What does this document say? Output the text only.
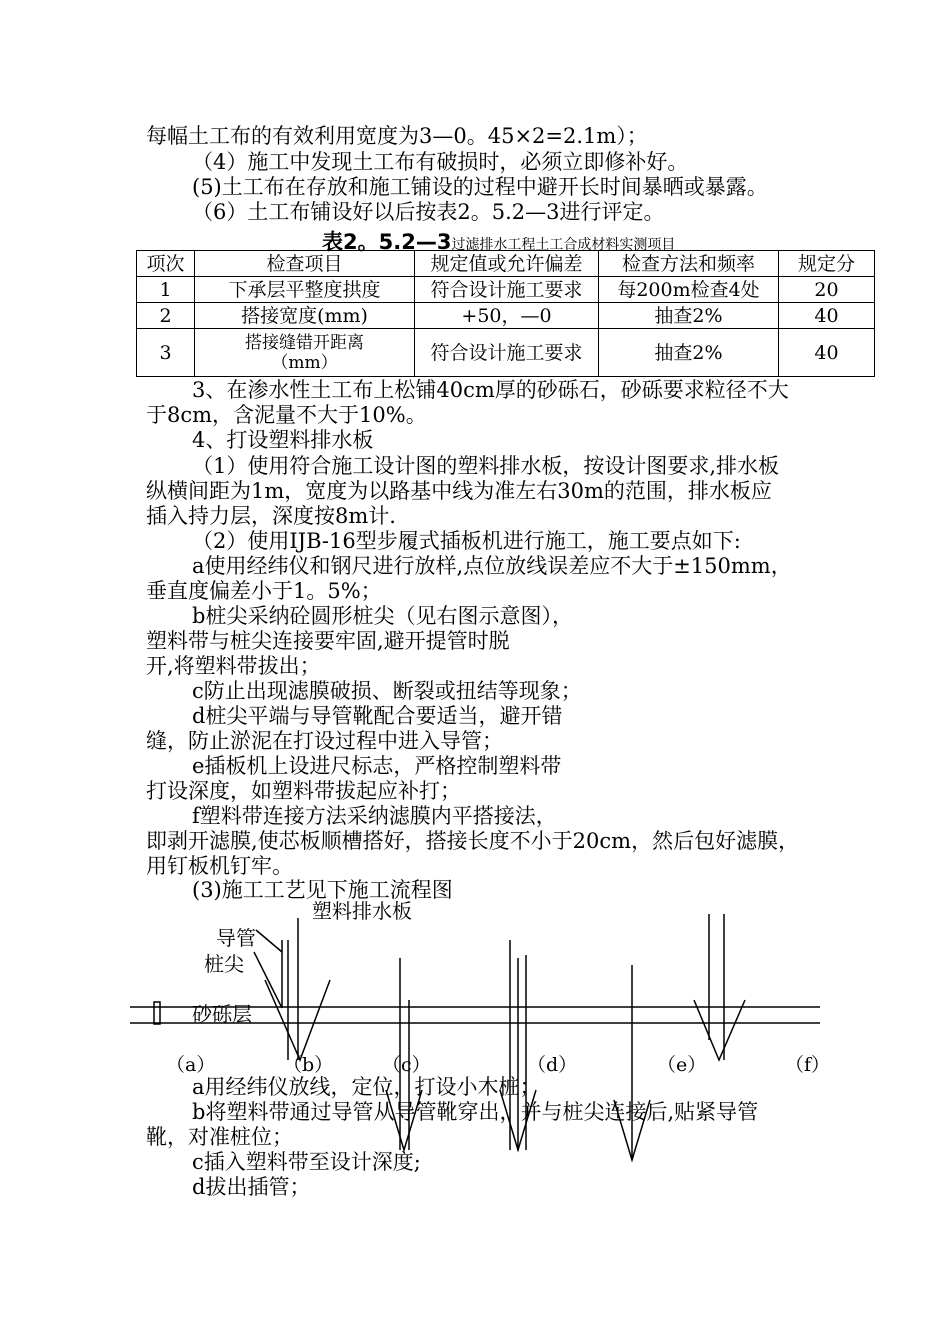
每幅土工布的有效利用宽度为3—0。45×2=2.1m）；
（4）施工中发现土工布有破损时，必须立即修补好。
(5)土工布在存放和施工铺设的过程中避开长时间暴晒或暴露。
（6）土工布铺设好以后按表2。5.2—3进行评定。
表2。5.2—3过滤排水工程土工合成材料实测项目
项次	检查项目	规定值或允许偏差	检查方法和频率	规定分
1	下承层平整度拱度	符合设计施工要求	每200m检查4处	20
2	搭接宽度(mm)	+50，—0	抽查2%	40
3	搭接缝错开距离（mm）	符合设计施工要求	抽查2%	40
3、在渗水性土工布上松铺40cm厚的砂砾石，砂砾要求粒径不大
于8cm，含泥量不大于10%。
4、打设塑料排水板
（1）使用符合施工设计图的塑料排水板，按设计图要求,排水板
纵横间距为1m，宽度为以路基中线为准左右30m的范围，排水板应
插入持力层，深度按8m计.
（2）使用IJB-16型步履式插板机进行施工，施工要点如下:
a使用经纬仪和钢尺进行放样,点位放线误差应不大于±150mm，
垂直度偏差小于1。5%；
b桩尖采纳砼圆形桩尖（见右图示意图），
塑料带与桩尖连接要牢固,避开提管时脱
开,将塑料带拔出；
c防止出现滤膜破损、断裂或扭结等现象；
d桩尖平端与导管靴配合要适当，避开错
缝，防止淤泥在打设过程中进入导管；
e插板机上设进尺标志，严格控制塑料带
打设深度，如塑料带拔起应补打；
f塑料带连接方法采纳滤膜内平搭接法，
即剥开滤膜,使芯板顺槽搭好，搭接长度不小于20cm，然后包好滤膜，
用钉板机钉牢。
(3)施工工艺见下施工流程图
塑料排水板
导管
桩尖
砂砾层
（a）	（b）	（c）	（d）	（e）	（f）
a用经纬仪放线，定位，打设小木桩；
b将塑料带通过导管从导管靴穿出，并与桩尖连接后,贴紧导管
靴，对准桩位；
c插入塑料带至设计深度;
d拔出插管；
